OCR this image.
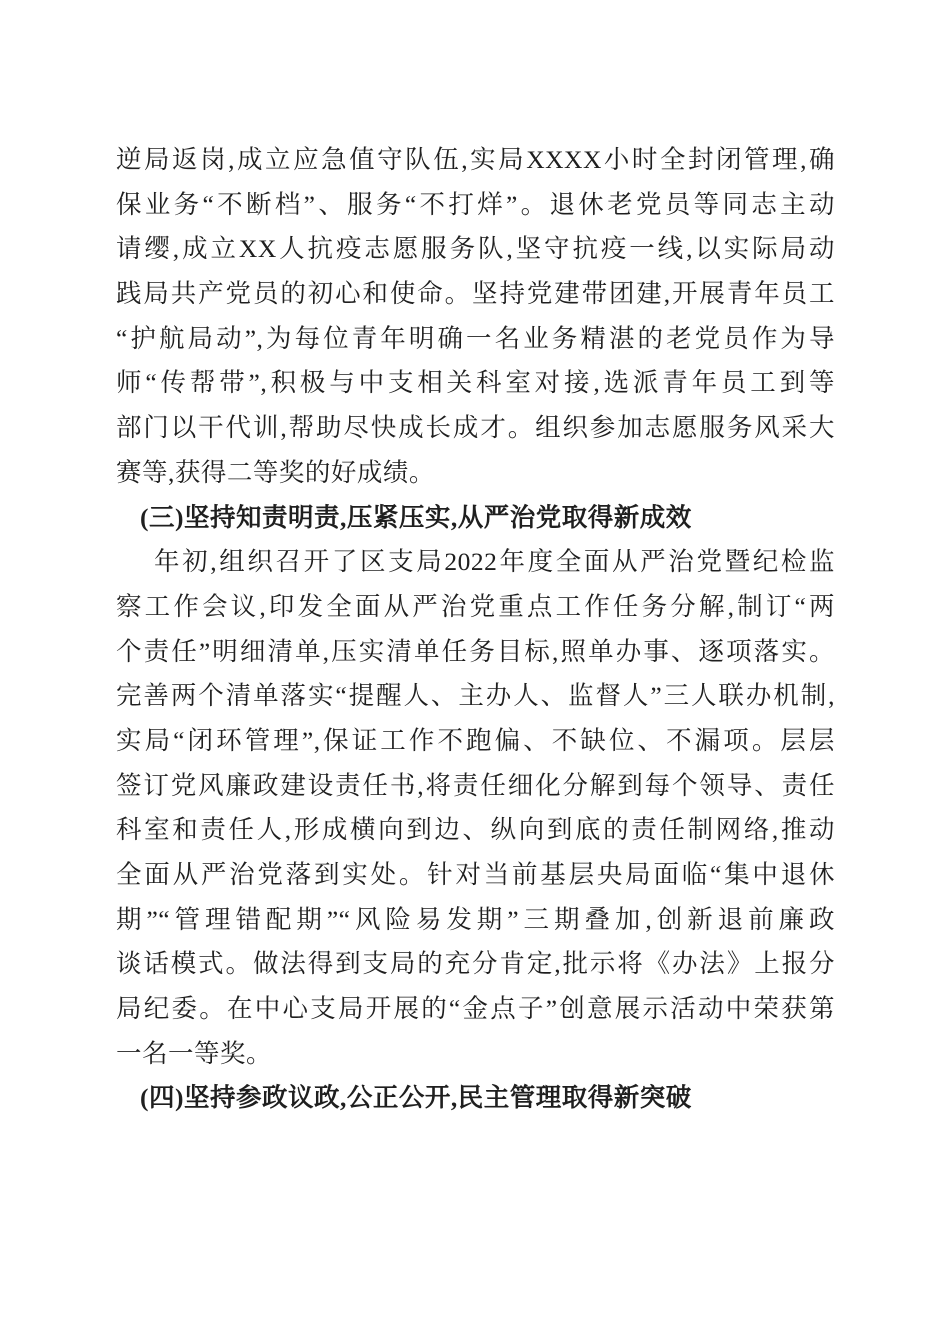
逆局返岗,成立应急值守队伍,实局XXXX小时全封闭管理,确
保业务“不断档”、服务“不打烊”。退休老党员等同志主动
请缨,成立XX人抗疫志愿服务队,坚守抗疫一线,以实际局动
践局共产党员的初心和使命。坚持党建带团建,开展青年员工
“护航局动”,为每位青年明确一名业务精湛的老党员作为导
师“传帮带”,积极与中支相关科室对接,选派青年员工到等
部门以干代训,帮助尽快成长成才。组织参加志愿服务风采大
赛等,获得二等奖的好成绩。
(三)坚持知责明责,压紧压实,从严治党取得新成效
年初,组织召开了区支局2022年度全面从严治党暨纪检监
察工作会议,印发全面从严治党重点工作任务分解,制订“两
个责任”明细清单,压实清单任务目标,照单办事、逐项落实。
完善两个清单落实“提醒人、主办人、监督人”三人联办机制,
实局“闭环管理”,保证工作不跑偏、不缺位、不漏项。层层
签订党风廉政建设责任书,将责任细化分解到每个领导、责任
科室和责任人,形成横向到边、纵向到底的责任制网络,推动
全面从严治党落到实处。针对当前基层央局面临“集中退休
期”“管理错配期”“风险易发期”三期叠加,创新退前廉政
谈话模式。做法得到支局的充分肯定,批示将《办法》上报分
局纪委。在中心支局开展的“金点子”创意展示活动中荣获第
一名一等奖。
(四)坚持参政议政,公正公开,民主管理取得新突破
